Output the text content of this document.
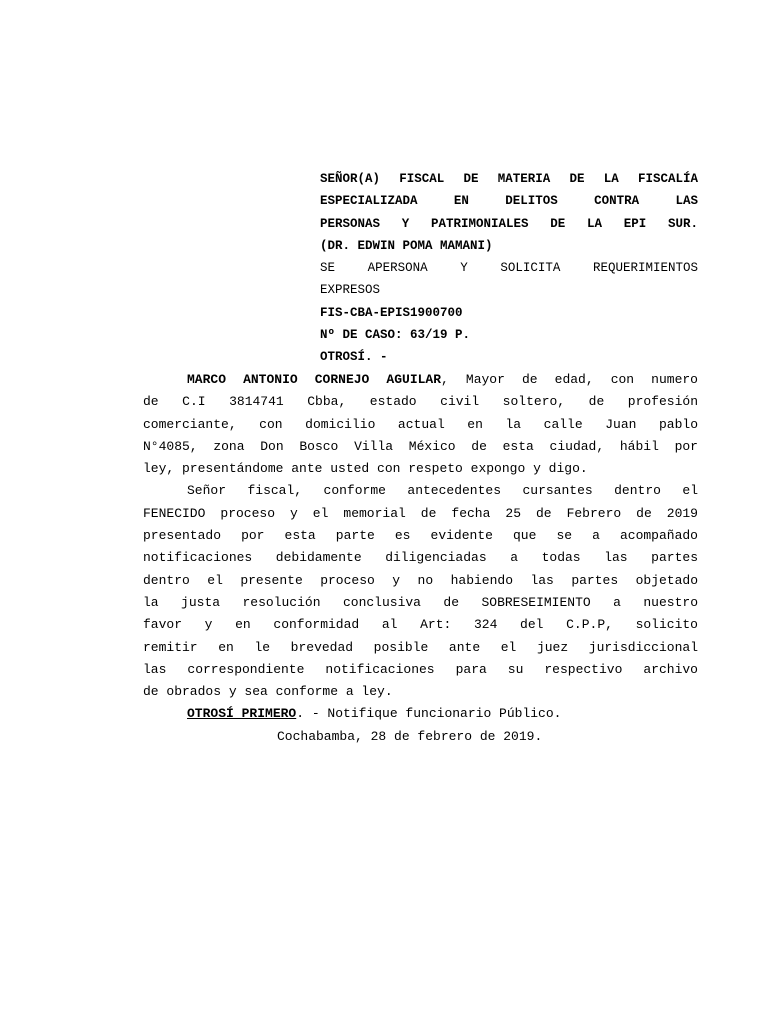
SEÑOR(A) FISCAL DE MATERIA DE LA FISCALÍA
ESPECIALIZADA EN DELITOS CONTRA LAS
PERSONAS Y PATRIMONIALES DE LA EPI SUR.
(DR. EDWIN POMA MAMANI)
SE APERSONA Y SOLICITA REQUERIMIENTOS
EXPRESOS
FIS-CBA-EPIS1900700
Nº DE CASO: 63/19 P.
OTROSÍ. -
MARCO ANTONIO CORNEJO AGUILAR, Mayor de edad, con numero
de C.I 3814741 Cbba, estado civil soltero, de profesión
comerciante, con domicilio actual en la calle Juan pablo
N°4085, zona Don Bosco Villa México de esta ciudad, hábil por
ley, presentándome ante usted con respeto expongo y digo.
Señor fiscal, conforme antecedentes cursantes dentro el
FENECIDO proceso y el memorial de fecha 25 de Febrero de 2019
presentado por esta parte es evidente que se a acompañado
notificaciones debidamente diligenciadas a todas las partes
dentro el presente proceso y no habiendo las partes objetado
la justa resolución conclusiva de SOBRESEIMIENTO a nuestro
favor y en conformidad al Art: 324 del C.P.P, solicito
remitir en le brevedad posible ante el juez jurisdiccional
las correspondiente notificaciones para su respectivo archivo
de obrados y sea conforme a ley.
OTROSÍ PRIMERO. - Notifique funcionario Público.
Cochabamba, 28 de febrero de 2019.
